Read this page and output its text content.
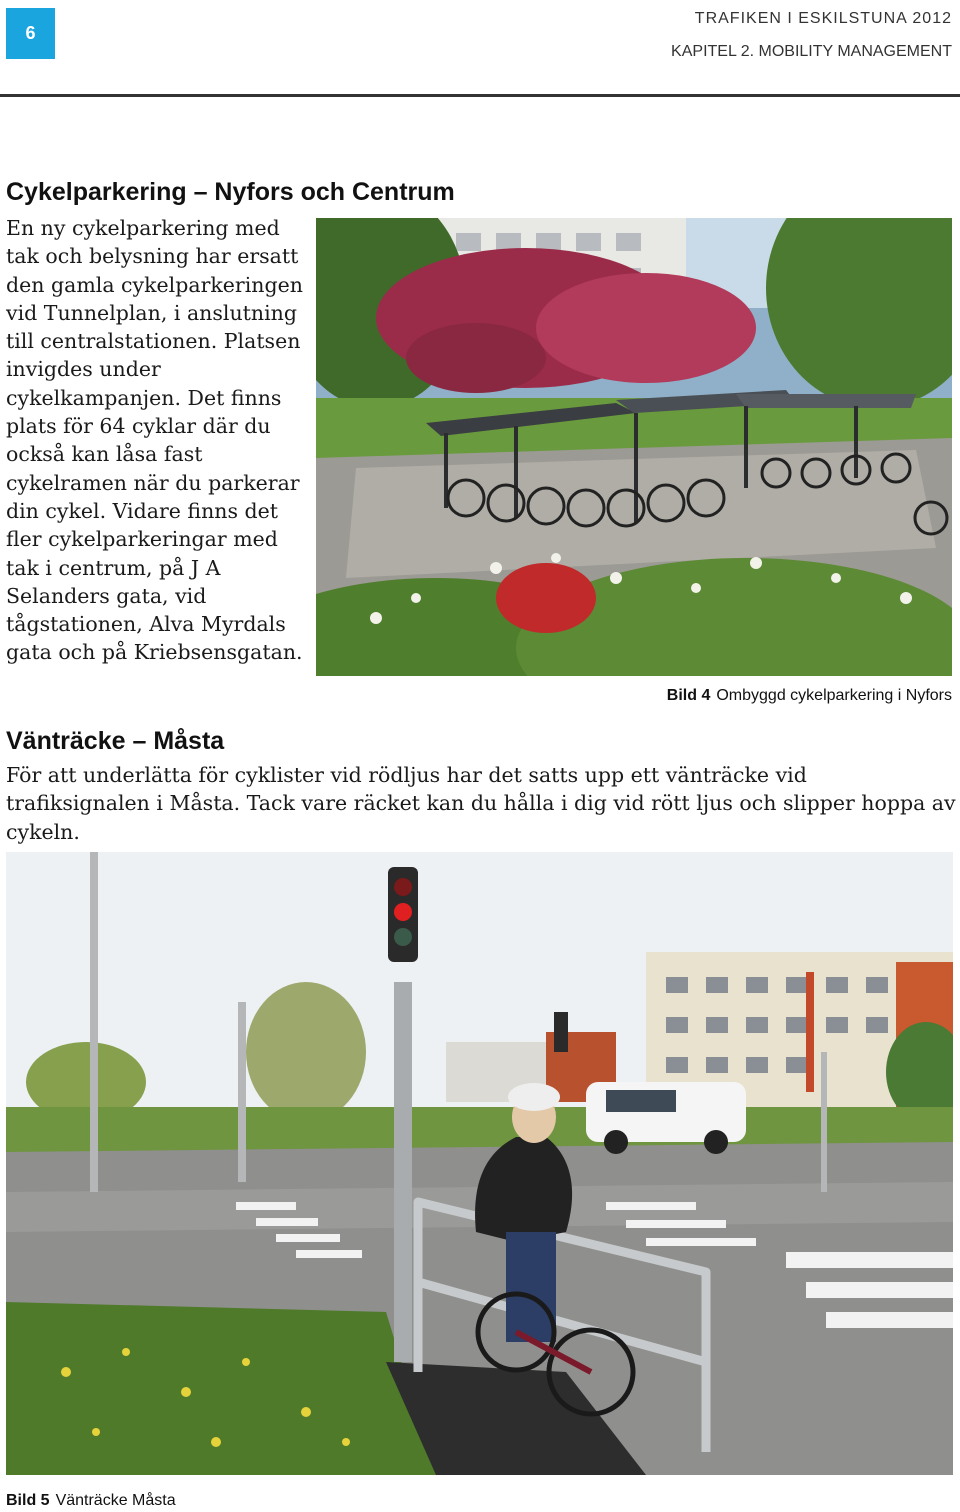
6
TRAFIKEN I ESKILSTUNA 2012
KAPITEL 2. MOBILITY MANAGEMENT
Cykelparkering – Nyfors och Centrum
En ny cykelparkering med tak och belysning har ersatt den gamla cykelparkeringen vid Tunnelplan, i anslutning till centralstationen. Platsen invigdes under cykelkampanjen. Det finns plats för 64 cyklar där du också kan låsa fast cykelramen när du parkerar din cykel. Vidare finns det fler cykelparkeringar med tak i centrum, på J A Selanders gata, vid tågstationen, Alva Myrdals gata och på Kriebsensgatan.
Bild 4 Ombyggd cykelparkering i Nyfors
Vänträcke – Måsta
För att underlätta för cyklister vid rödljus har det satts upp ett vänträcke vid trafiksignalen i Måsta. Tack vare räcket kan du hålla i dig vid rött ljus och slipper hoppa av cykeln.
Bild 5 Vänträcke Måsta
